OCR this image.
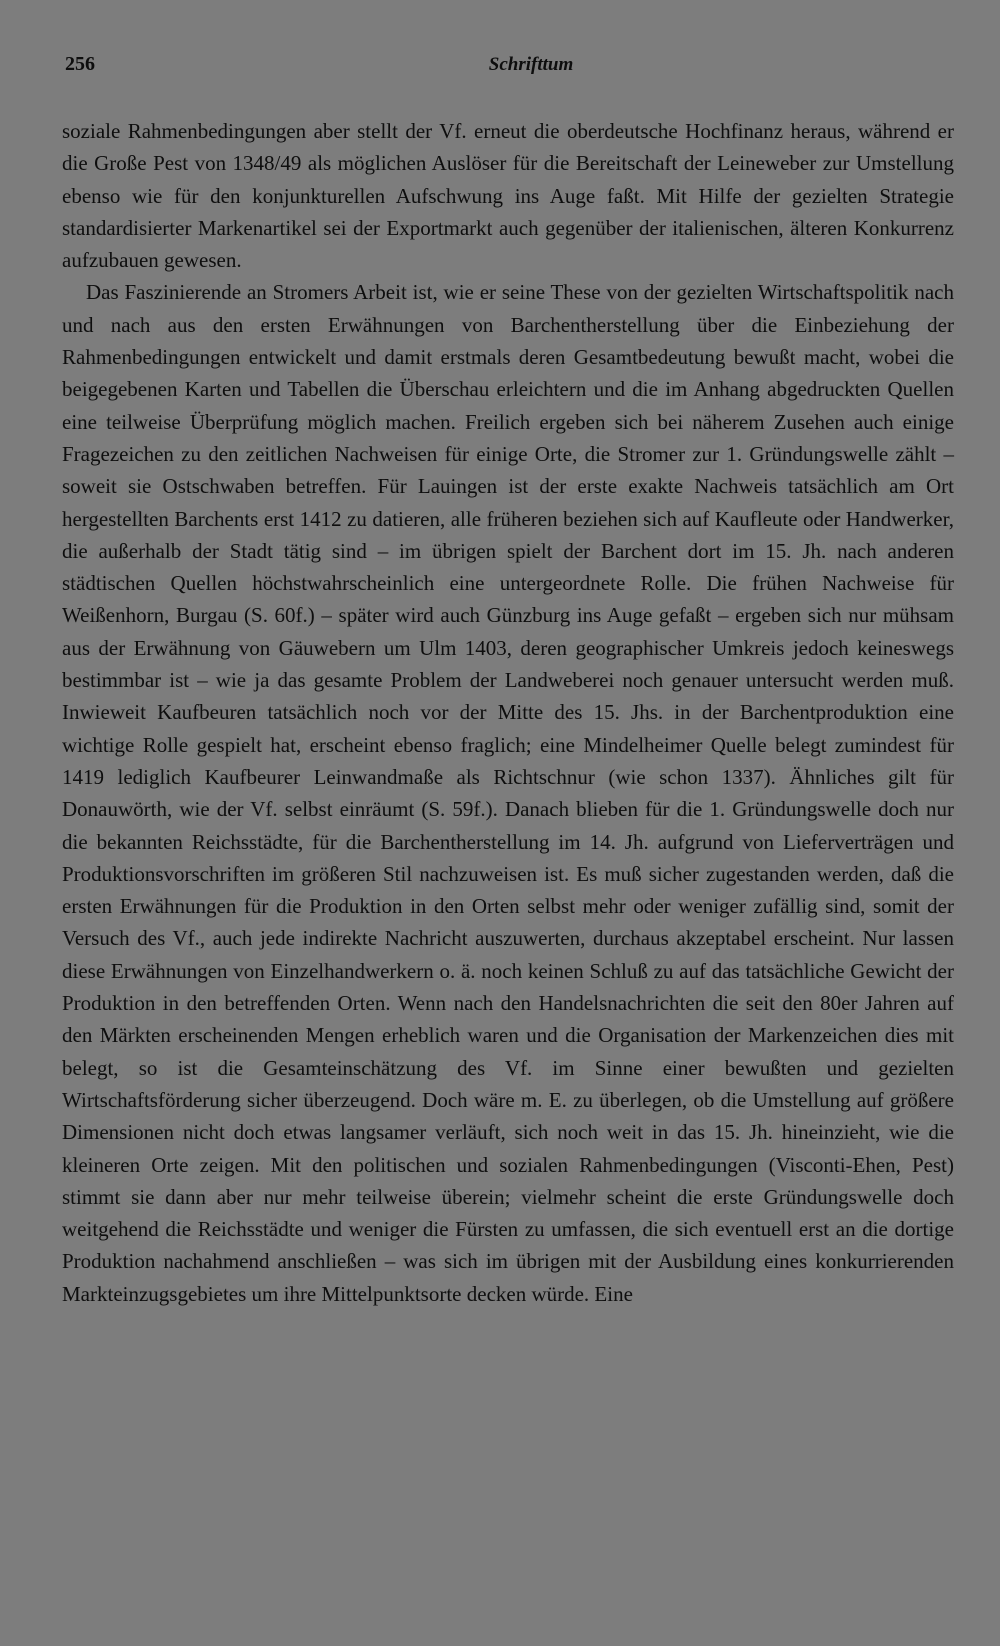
256	Schrifttum

soziale Rahmenbedingungen aber stellt der Vf. erneut die oberdeutsche Hochfinanz heraus, während er die Große Pest von 1348/49 als möglichen Auslöser für die Bereitschaft der Leineweber zur Umstellung ebenso wie für den konjunkturellen Aufschwung ins Auge faßt. Mit Hilfe der gezielten Strategie standardisierter Markenartikel sei der Exportmarkt auch gegenüber der italienischen, älteren Konkurrenz aufzubauen gewesen.

Das Faszinierende an Stromers Arbeit ist, wie er seine These von der gezielten Wirtschaftspolitik nach und nach aus den ersten Erwähnungen von Barchentherstellung über die Einbeziehung der Rahmenbedingungen entwickelt und damit erstmals deren Gesamtbedeutung bewußt macht, wobei die beigegebenen Karten und Tabellen die Überschau erleichtern und die im Anhang abgedruckten Quellen eine teilweise Überprüfung möglich machen. Freilich ergeben sich bei näherem Zusehen auch einige Fragezeichen zu den zeitlichen Nachweisen für einige Orte, die Stromer zur 1. Gründungswelle zählt – soweit sie Ostschwaben betreffen. Für Lauingen ist der erste exakte Nachweis tatsächlich am Ort hergestellten Barchents erst 1412 zu datieren, alle früheren beziehen sich auf Kaufleute oder Handwerker, die außerhalb der Stadt tätig sind – im übrigen spielt der Barchent dort im 15. Jh. nach anderen städtischen Quellen höchstwahrscheinlich eine untergeordnete Rolle. Die frühen Nachweise für Weißenhorn, Burgau (S. 60f.) – später wird auch Günzburg ins Auge gefaßt – ergeben sich nur mühsam aus der Erwähnung von Gäuwebern um Ulm 1403, deren geographischer Umkreis jedoch keineswegs bestimmbar ist – wie ja das gesamte Problem der Landweberei noch genauer untersucht werden muß. Inwieweit Kaufbeuren tatsächlich noch vor der Mitte des 15. Jhs. in der Barchentproduktion eine wichtige Rolle gespielt hat, erscheint ebenso fraglich; eine Mindelheimer Quelle belegt zumindest für 1419 lediglich Kaufbeurer Leinwandmaße als Richtschnur (wie schon 1337). Ähnliches gilt für Donauwörth, wie der Vf. selbst einräumt (S. 59f.). Danach blieben für die 1. Gründungswelle doch nur die bekannten Reichsstädte, für die Barchentherstellung im 14. Jh. aufgrund von Lieferverträgen und Produktionsvorschriften im größeren Stil nachzuweisen ist. Es muß sicher zugestanden werden, daß die ersten Erwähnungen für die Produktion in den Orten selbst mehr oder weniger zufällig sind, somit der Versuch des Vf., auch jede indirekte Nachricht auszuwerten, durchaus akzeptabel erscheint. Nur lassen diese Erwähnungen von Einzelhandwerkern o. ä. noch keinen Schluß zu auf das tatsächliche Gewicht der Produktion in den betreffenden Orten. Wenn nach den Handelsnachrichten die seit den 80er Jahren auf den Märkten erscheinenden Mengen erheblich waren und die Organisation der Markenzeichen dies mit belegt, so ist die Gesamteinschätzung des Vf. im Sinne einer bewußten und gezielten Wirtschaftsförderung sicher überzeugend. Doch wäre m. E. zu überlegen, ob die Umstellung auf größere Dimensionen nicht doch etwas langsamer verläuft, sich noch weit in das 15. Jh. hineinzieht, wie die kleineren Orte zeigen. Mit den politischen und sozialen Rahmenbedingungen (Visconti-Ehen, Pest) stimmt sie dann aber nur mehr teilweise überein; vielmehr scheint die erste Gründungswelle doch weitgehend die Reichsstädte und weniger die Fürsten zu umfassen, die sich eventuell erst an die dortige Produktion nachahmend anschließen – was sich im übrigen mit der Ausbildung eines konkurrierenden Markteinzugsgebietes um ihre Mittelpunktsorte decken würde. Eine
